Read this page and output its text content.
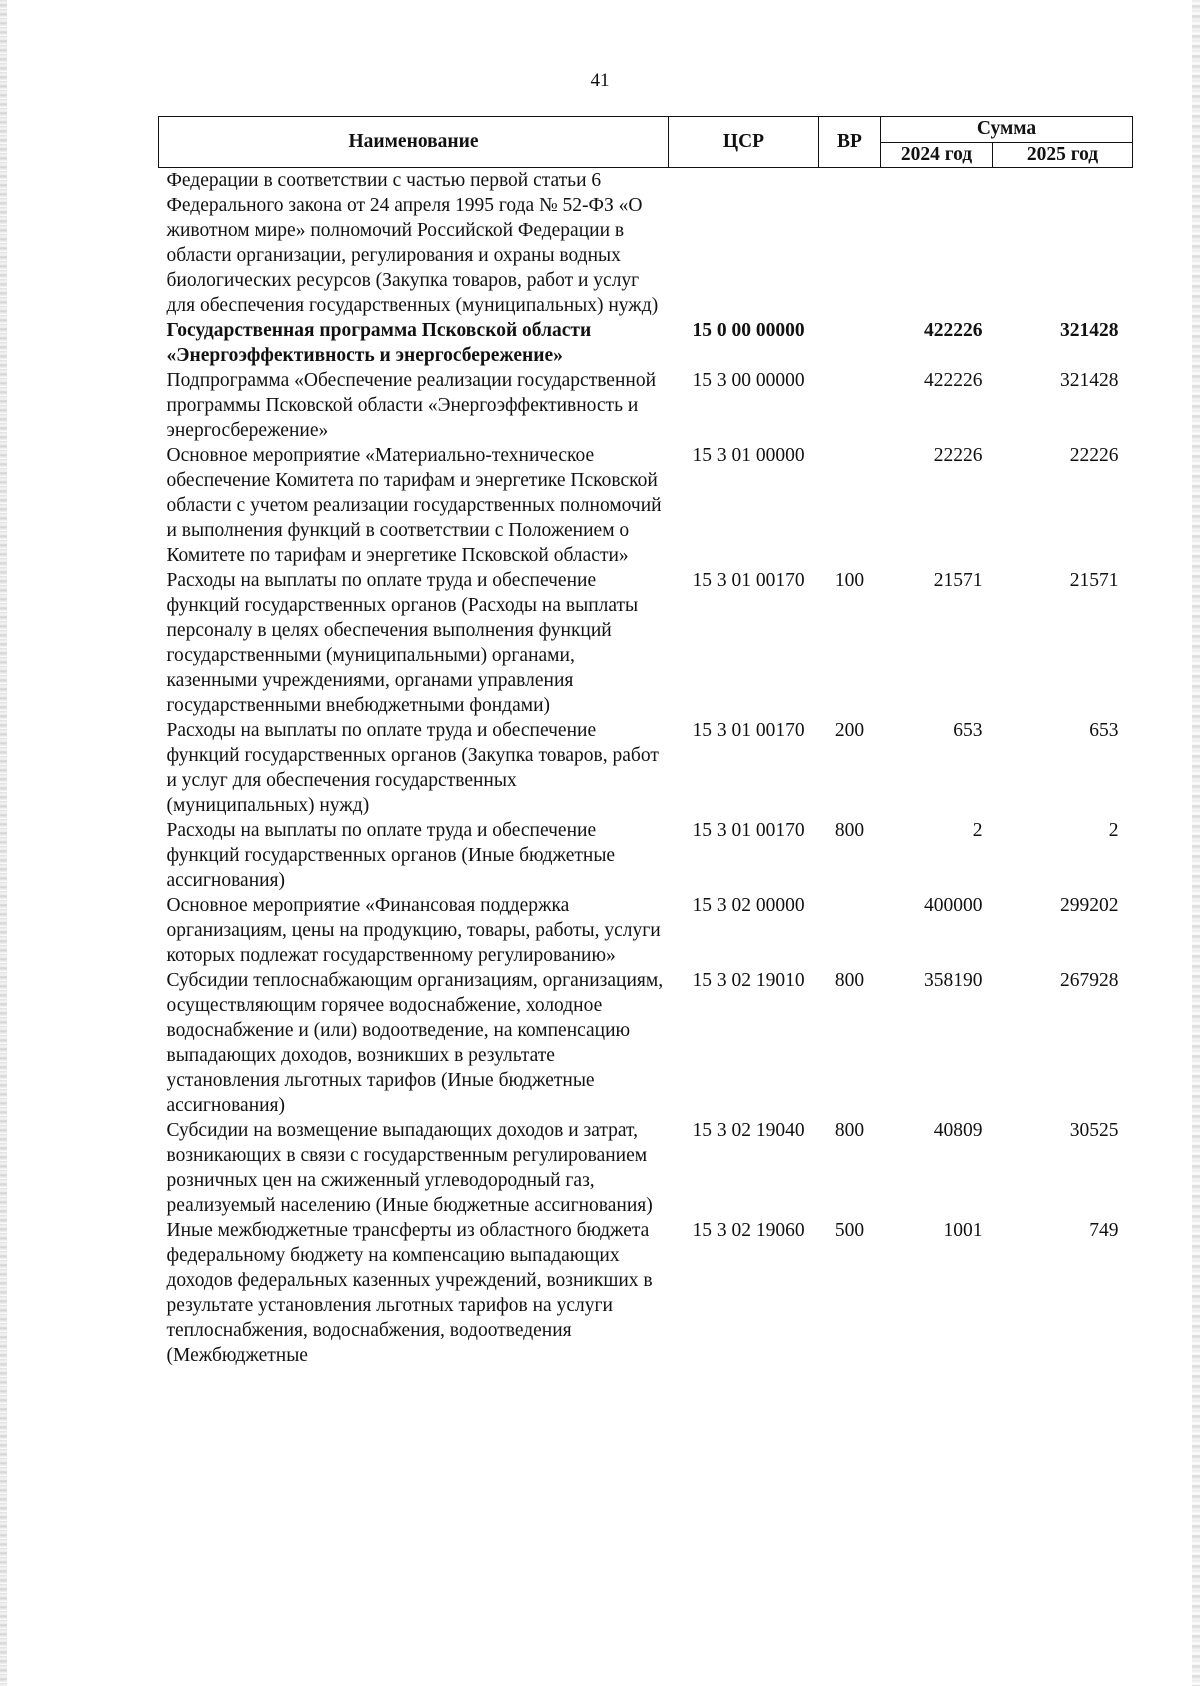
41
Наименование	ЦСР	ВР	Сумма	
			2024 год	2025 год
Федерации в соответствии с частью первой статьи 6 Федерального закона от 24 апреля 1995 года № 52-ФЗ «О животном мире» полномочий Российской Федерации в области организации, регулирования и охраны водных биологических ресурсов (Закупка товаров, работ и услуг для обеспечения государственных (муниципальных) нужд)				
Государственная программа Псковской области «Энергоэффективность и энергосбережение»	15 0 00 00000		422226	321428
Подпрограмма «Обеспечение реализации государственной программы Псковской области «Энергоэффективность и энергосбережение»	15 3 00 00000		422226	321428
Основное мероприятие «Материально-техническое обеспечение Комитета по тарифам и энергетике Псковской области с учетом реализации государственных полномочий и выполнения функций в соответствии с Положением о Комитете по тарифам и энергетике Псковской области»	15 3 01 00000		22226	22226
Расходы на выплаты по оплате труда и обеспечение функций государственных органов (Расходы на выплаты персоналу в целях обеспечения выполнения функций государственными (муниципальными) органами, казенными учреждениями, органами управления государственными внебюджетными фондами)	15 3 01 00170	100	21571	21571
Расходы на выплаты по оплате труда и обеспечение функций государственных органов (Закупка товаров, работ и услуг для обеспечения государственных (муниципальных) нужд)	15 3 01 00170	200	653	653
Расходы на выплаты по оплате труда и обеспечение функций государственных органов (Иные бюджетные ассигнования)	15 3 01 00170	800	2	2
Основное мероприятие «Финансовая поддержка организациям, цены на продукцию, товары, работы, услуги которых подлежат государственному регулированию»	15 3 02 00000		400000	299202
Субсидии теплоснабжающим организациям, организациям, осуществляющим горячее водоснабжение, холодное водоснабжение и (или) водоотведение, на компенсацию выпадающих доходов, возникших в результате установления льготных тарифов (Иные бюджетные ассигнования)	15 3 02 19010	800	358190	267928
Субсидии на возмещение выпадающих доходов и затрат, возникающих в связи с государственным регулированием розничных цен на сжиженный углеводородный газ, реализуемый населению (Иные бюджетные ассигнования)	15 3 02 19040	800	40809	30525
Иные межбюджетные трансферты из областного бюджета федеральному бюджету на компенсацию выпадающих доходов федеральных казенных учреждений, возникших в результате установления льготных тарифов на услуги теплоснабжения, водоснабжения, водоотведения (Межбюджетные	15 3 02 19060	500	1001	749
